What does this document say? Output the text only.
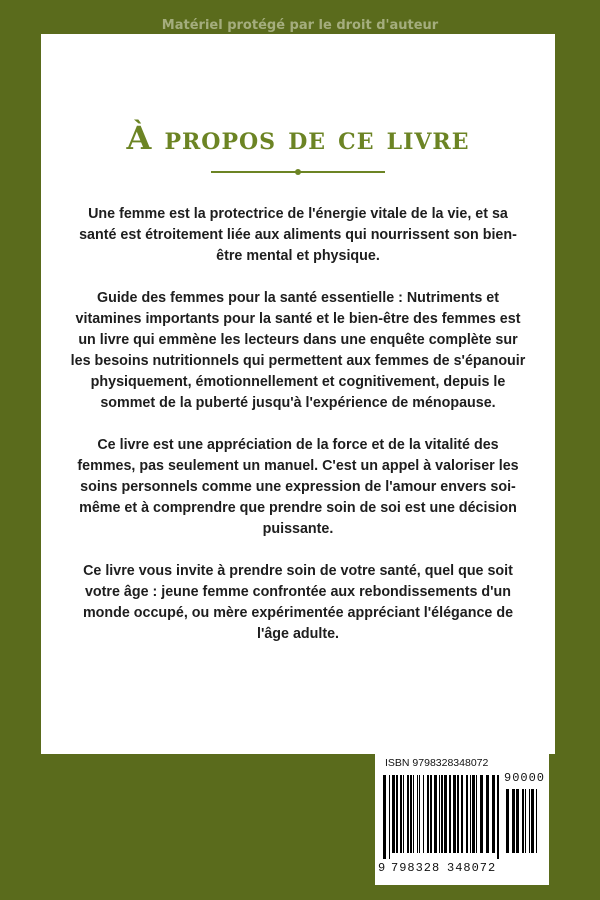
Matériel protégé par le droit d'auteur
À propos de ce livre

Une femme est la protectrice de l'énergie vitale de la vie, et sa santé est étroitement liée aux aliments qui nourrissent son bien-être mental et physique.

Guide des femmes pour la santé essentielle : Nutriments et vitamines importants pour la santé et le bien-être des femmes est un livre qui emmène les lecteurs dans une enquête complète sur les besoins nutritionnels qui permettent aux femmes de s'épanouir physiquement, émotionnellement et cognitivement, depuis le sommet de la puberté jusqu'à l'expérience de ménopause.

Ce livre est une appréciation de la force et de la vitalité des femmes, pas seulement un manuel. C'est un appel à valoriser les soins personnels comme une expression de l'amour envers soi-même et à comprendre que prendre soin de soi est une décision puissante.

Ce livre vous invite à prendre soin de votre santé, quel que soit votre âge : jeune femme confrontée aux rebondissements d'un monde occupé, ou mère expérimentée appréciant l'élégance de l'âge adulte.

ISBN 9798328348072
90000
9 798328 348072
